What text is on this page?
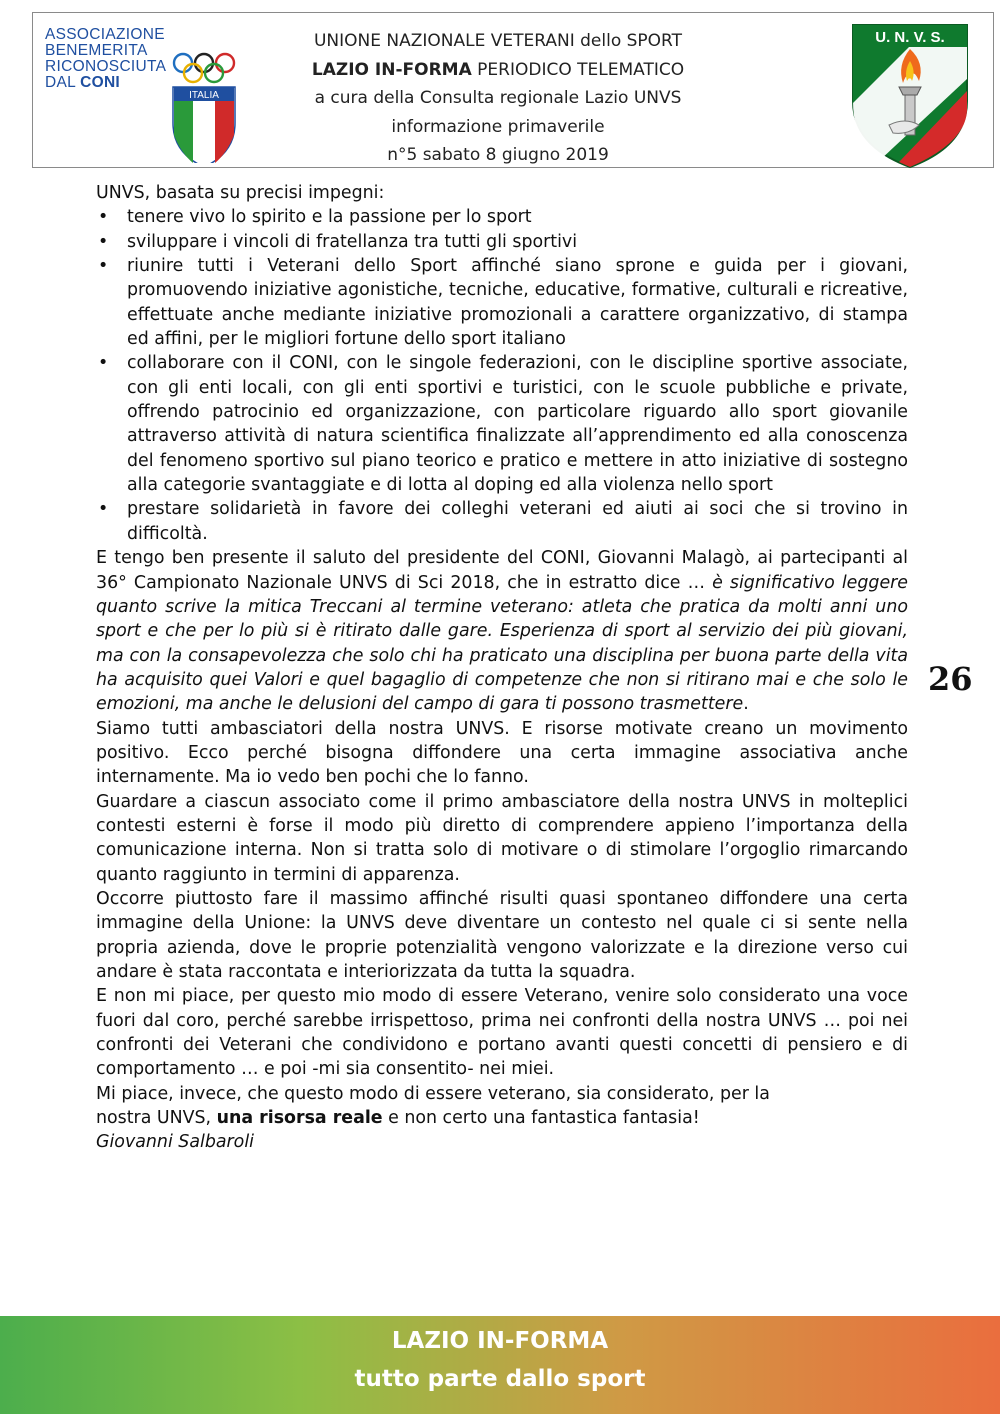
ASSOCIAZIONE
BENEMERITA
RICONOSCIUTA
DAL CONI
ITALIA
UNIONE NAZIONALE VETERANI dello SPORT
LAZIO IN-FORMA PERIODICO TELEMATICO
a cura della Consulta regionale Lazio UNVS
informazione primaverile
n°5 sabato 8 giugno 2019
U. N. V. S.

UNVS, basata su precisi impegni:

• tenere vivo lo spirito e la passione per lo sport
• sviluppare i vincoli di fratellanza tra tutti gli sportivi
• riunire tutti i Veterani dello Sport affinché siano sprone e guida per i giovani, promuovendo iniziative agonistiche, tecniche, educative, formative, culturali e ricreative, effettuate anche mediante iniziative promozionali a carattere organizzativo, di stampa ed affini, per le migliori fortune dello sport italiano
• collaborare con il CONI, con le singole federazioni, con le discipline sportive associate, con gli enti locali, con gli enti sportivi e turistici, con le scuole pubbliche e private, offrendo patrocinio ed organizzazione, con particolare riguardo allo sport giovanile attraverso attività di natura scientifica finalizzate all’apprendimento ed alla conoscenza del fenomeno sportivo sul piano teorico e pratico e mettere in atto iniziative di sostegno alla categorie svantaggiate e di lotta al doping ed alla violenza nello sport
• prestare solidarietà in favore dei colleghi veterani ed aiuti ai soci che si trovino in difficoltà.

E tengo ben presente il saluto del presidente del CONI, Giovanni Malagò, ai partecipanti al 36° Campionato Nazionale UNVS di Sci 2018, che in estratto dice … è significativo leggere quanto scrive la mitica Treccani al termine veterano: atleta che pratica da molti anni uno sport e che per lo più si è ritirato dalle gare. Esperienza di sport al servizio dei più giovani, ma con la consapevolezza che solo chi ha praticato una disciplina per buona parte della vita ha acquisito quei Valori e quel bagaglio di competenze che non si ritirano mai e che solo le emozioni, ma anche le delusioni del campo di gara ti possono trasmettere.

Siamo tutti ambasciatori della nostra UNVS. E risorse motivate creano un movimento positivo. Ecco perché bisogna diffondere una certa immagine associativa anche internamente. Ma io vedo ben pochi che lo fanno.

Guardare a ciascun associato come il primo ambasciatore della nostra UNVS in molteplici contesti esterni è forse il modo più diretto di comprendere appieno l’importanza della comunicazione interna. Non si tratta solo di motivare o di stimolare l’orgoglio rimarcando quanto raggiunto in termini di apparenza.

Occorre piuttosto fare il massimo affinché risulti quasi spontaneo diffondere una certa immagine della Unione: la UNVS deve diventare un contesto nel quale ci si sente nella propria azienda, dove le proprie potenzialità vengono valorizzate e la direzione verso cui andare è stata raccontata e interiorizzata da tutta la squadra.

E non mi piace, per questo mio modo di essere Veterano, venire solo considerato una voce fuori dal coro, perché sarebbe irrispettoso, prima nei confronti della nostra UNVS … poi nei confronti dei Veterani che condividono e portano avanti questi concetti di pensiero e di comportamento … e poi -mi sia consentito- nei miei.

Mi piace, invece, che questo modo di essere veterano, sia considerato, per la

nostra UNVS, una risorsa reale e non certo una fantastica fantasia!

Giovanni Salbaroli

26
LAZIO IN-FORMA
tutto parte dallo sport
